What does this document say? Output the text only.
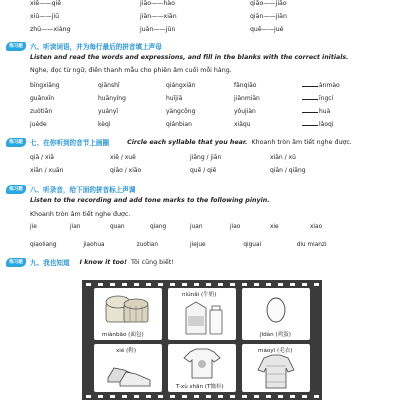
xiē——qiē	jiāo——hào	qiāo——jiāo
xiū——jiū	jiān——xiān	qiān——jiān
zhū——xiàng	juān——jūn	quē——jué
练习题	六、听读词语，并为每行最后的拼音填上声母
Listen and read the words and expressions, and fill in the blanks with the correct initials.
Nghe, đọc từ ngữ, điền thanh mẫu cho phiên âm cuối mỗi hàng.
bīngxiāng	qiānshī	qiángxiān	fǎnqiāo	ànmào
guānxīn	huānyíng	huījiā	jiānmiān	īngcí
zuótiān	yuányī	yàngcōng	yǒujiàn	huà
juéde	kèqì	qiánbian	xiǎqu	lǎoqi
练习题	七、在你听到的音节上画圈	Circle each syllable that you hear. Khoanh tròn âm tiết nghe được.
qiā / xiā	xiē / xuē	jiāng / jiān	xiān / xū
xiān / xuān	qiāo / xiāo	quē / qiē	qiān / qiāng
练习题	八、听录音，给下面的拼音标上声调
Listen to the recording and add tone marks to the following pinyin.
Khoanh tròn âm tiết nghe được.
jie	jian	quan	qiang	juan	jiao	xie	xiao
qiaoliang	jiaohua	zuotian	jiejue	qiguai	diu mianzi
练习题	九、我也知道 I know it too! Tôi cũng biết!
miànbāo (面包)
niúnǎi (牛奶)
jīdàn (鸡蛋)
xié (鞋)
T-xù shān (T恤衫)
máoyī (毛衣)
